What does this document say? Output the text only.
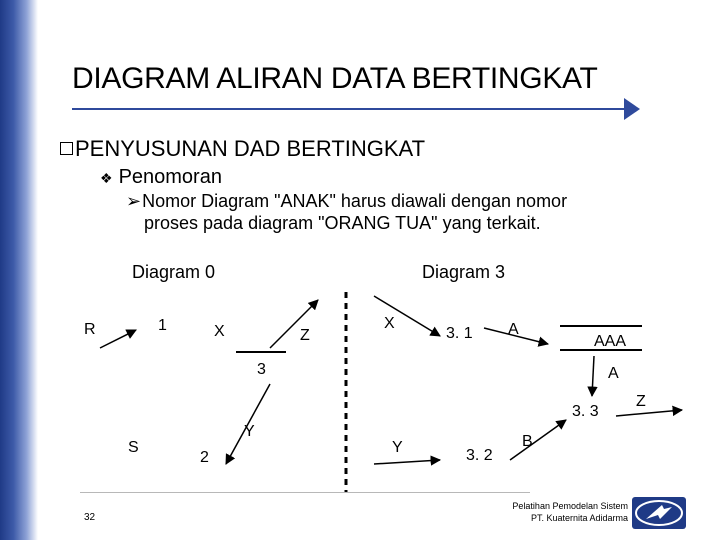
DIAGRAM ALIRAN DATA BERTINGKAT
PENYUSUNAN DAD BERTINGKAT
❖ Penomoran
➢Nomor Diagram "ANAK" harus diawali dengan nomor
proses pada diagram "ORANG TUA" yang terkait.
Diagram 0
R	1	X	Z
3
Y
S
2
Diagram 3
X
3. 1 A
AAA
A
3. 3
Z
Y	3. 2
B
32
Pelatihan Pemodelan Sistem
PT. Kuaternita Adidarma
